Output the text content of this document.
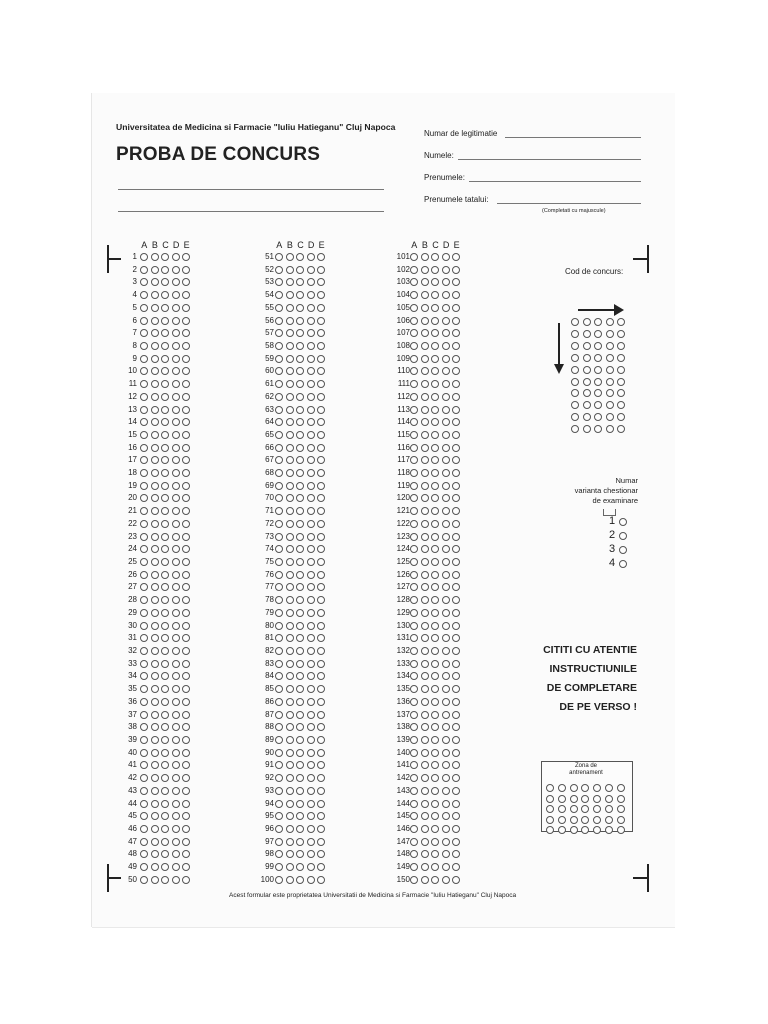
Universitatea de Medicina si Farmacie "Iuliu Hatieganu" Cluj Napoca
PROBA DE CONCURS
Numar de legitimatie
Numele:
Prenumele:
Prenumele tatalui:
(Completati cu majuscule)
Cod de concurs:
Numar
varianta chestionar
de examinare
CITITI CU ATENTIE
INSTRUCTIUNILE
DE COMPLETARE
DE PE VERSO !
Zona de
antrenament
Acest formular este proprietatea Universitatii de Medicina si Farmacie "Iuliu Hatieganu" Cluj Napoca
A B C D E
1
2
3
4
5
6
7
8
9
10
11
12
13
14
15
16
17
18
19
20
21
22
23
24
25
26
27
28
29
30
31
32
33
34
35
36
37
38
39
40
41
42
43
44
45
46
47
48
49
50
A B C D E
51
52
53
54
55
56
57
58
59
60
61
62
63
64
65
66
67
68
69
70
71
72
73
74
75
76
77
78
79
80
81
82
83
84
85
86
87
88
89
90
91
92
93
94
95
96
97
98
99
100
A B C D E
101
102
103
104
105
106
107
108
109
110
111
112
113
114
115
116
117
118
119
120
121
122
123
124
125
126
127
128
129
130
131
132
133
134
135
136
137
138
139
140
141
142
143
144
145
146
147
148
149
150
1
2
3
4
